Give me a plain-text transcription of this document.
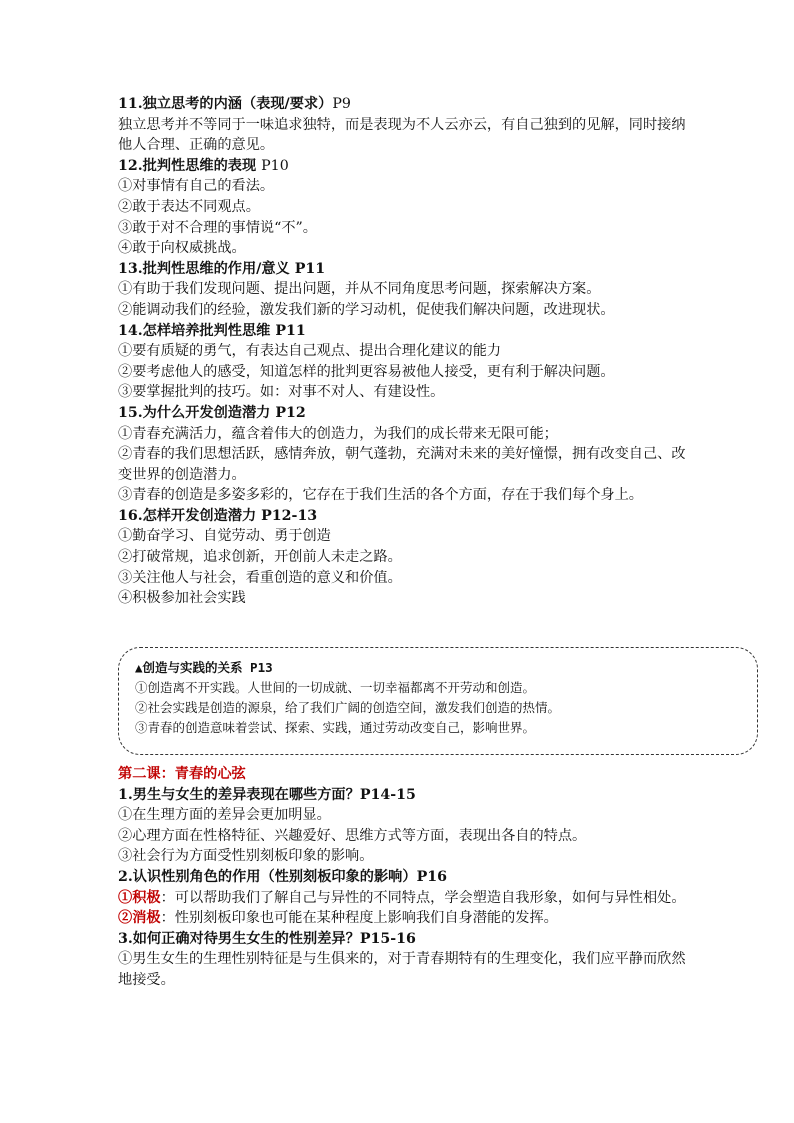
11.独立思考的内涵（表现/要求）P9
独立思考并不等同于一味追求独特，而是表现为不人云亦云，有自己独到的见解，同时接纳他人合理、正确的意见。
12.批判性思维的表现 P10
①对事情有自己的看法。
②敢于表达不同观点。
③敢于对不合理的事情说“不”。
④敢于向权威挑战。
13.批判性思维的作用/意义 P11
①有助于我们发现问题、提出问题，并从不同角度思考问题，探索解决方案。
②能调动我们的经验，激发我们新的学习动机，促使我们解决问题，改进现状。
14.怎样培养批判性思维 P11
①要有质疑的勇气，有表达自己观点、提出合理化建议的能力
②要考虑他人的感受，知道怎样的批判更容易被他人接受，更有利于解决问题。
③要掌握批判的技巧。如：对事不对人、有建设性。
15.为什么开发创造潜力 P12
①青春充满活力，蕴含着伟大的创造力，为我们的成长带来无限可能；
②青春的我们思想活跃，感情奔放，朝气蓬勃，充满对未来的美好憧憬，拥有改变自己、改变世界的创造潜力。
③青春的创造是多姿多彩的，它存在于我们生活的各个方面，存在于我们每个身上。
16.怎样开发创造潜力 P12-13
①勤奋学习、自觉劳动、勇于创造
②打破常规，追求创新，开创前人未走之路。
③关注他人与社会，看重创造的意义和价值。
④积极参加社会实践
▲创造与实践的关系 P13
①创造离不开实践。人世间的一切成就、一切幸福都离不开劳动和创造。
②社会实践是创造的源泉，给了我们广阔的创造空间，激发我们创造的热情。
③青春的创造意味着尝试、探索、实践，通过劳动改变自己，影响世界。
第二课：青春的心弦
1.男生与女生的差异表现在哪些方面？P14-15
①在生理方面的差异会更加明显。
②心理方面在性格特征、兴趣爱好、思维方式等方面，表现出各自的特点。
③社会行为方面受性别刻板印象的影响。
2.认识性别角色的作用（性别刻板印象的影响）P16
①积极：可以帮助我们了解自己与异性的不同特点，学会塑造自我形象，如何与异性相处。
②消极：性别刻板印象也可能在某种程度上影响我们自身潜能的发挥。
3.如何正确对待男生女生的性别差异？P15-16
①男生女生的生理性别特征是与生俱来的，对于青春期特有的生理变化，我们应平静而欣然地接受。
